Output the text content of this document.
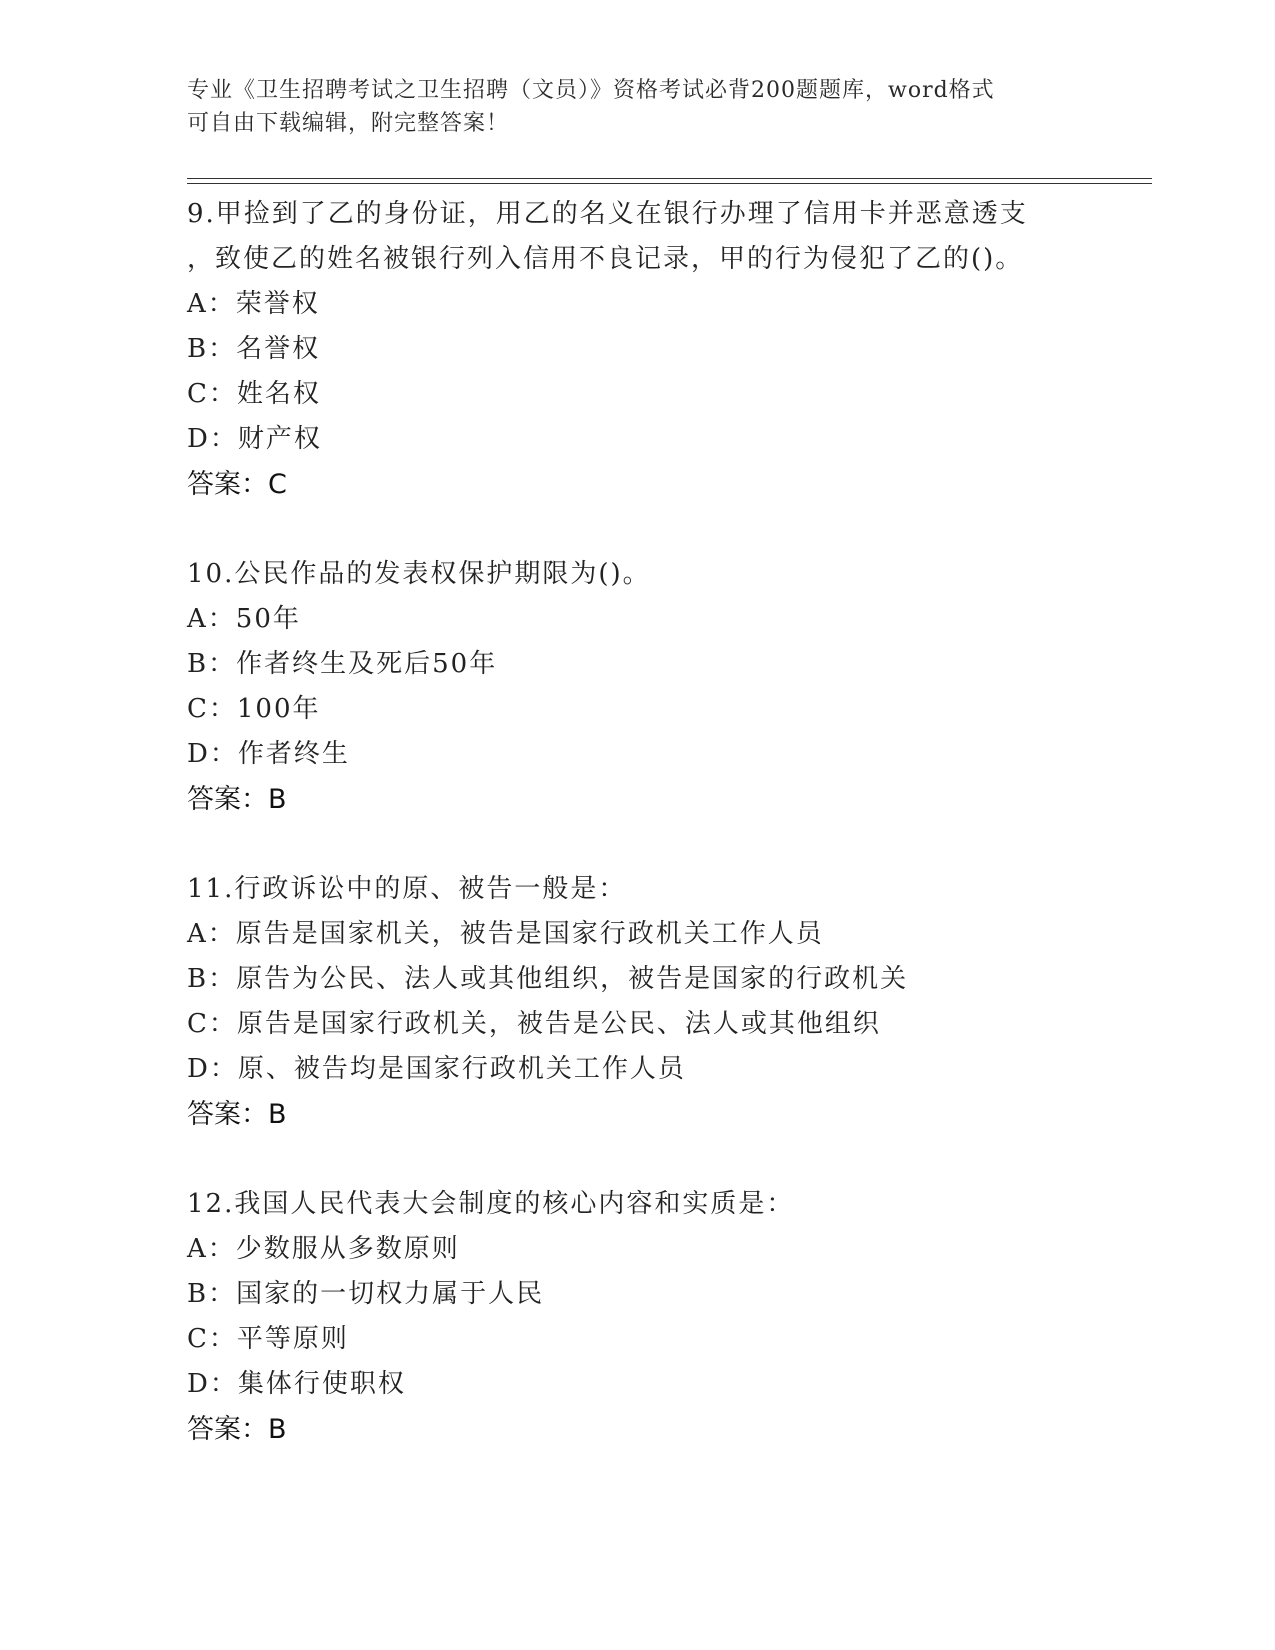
专业《卫生招聘考试之卫生招聘（文员）》资格考试必背200题题库，word格式
可自由下载编辑，附完整答案！
9.甲捡到了乙的身份证，用乙的名义在银行办理了信用卡并恶意透支
，致使乙的姓名被银行列入信用不良记录，甲的行为侵犯了乙的()。
A：荣誉权
B：名誉权
C：姓名权
D：财产权
答案：C
10.公民作品的发表权保护期限为()。
A：50年
B：作者终生及死后50年
C：100年
D：作者终生
答案：B
11.行政诉讼中的原、被告一般是：
A：原告是国家机关，被告是国家行政机关工作人员
B：原告为公民、法人或其他组织，被告是国家的行政机关
C：原告是国家行政机关，被告是公民、法人或其他组织
D：原、被告均是国家行政机关工作人员
答案：B
12.我国人民代表大会制度的核心内容和实质是：
A：少数服从多数原则
B：国家的一切权力属于人民
C：平等原则
D：集体行使职权
答案：B
